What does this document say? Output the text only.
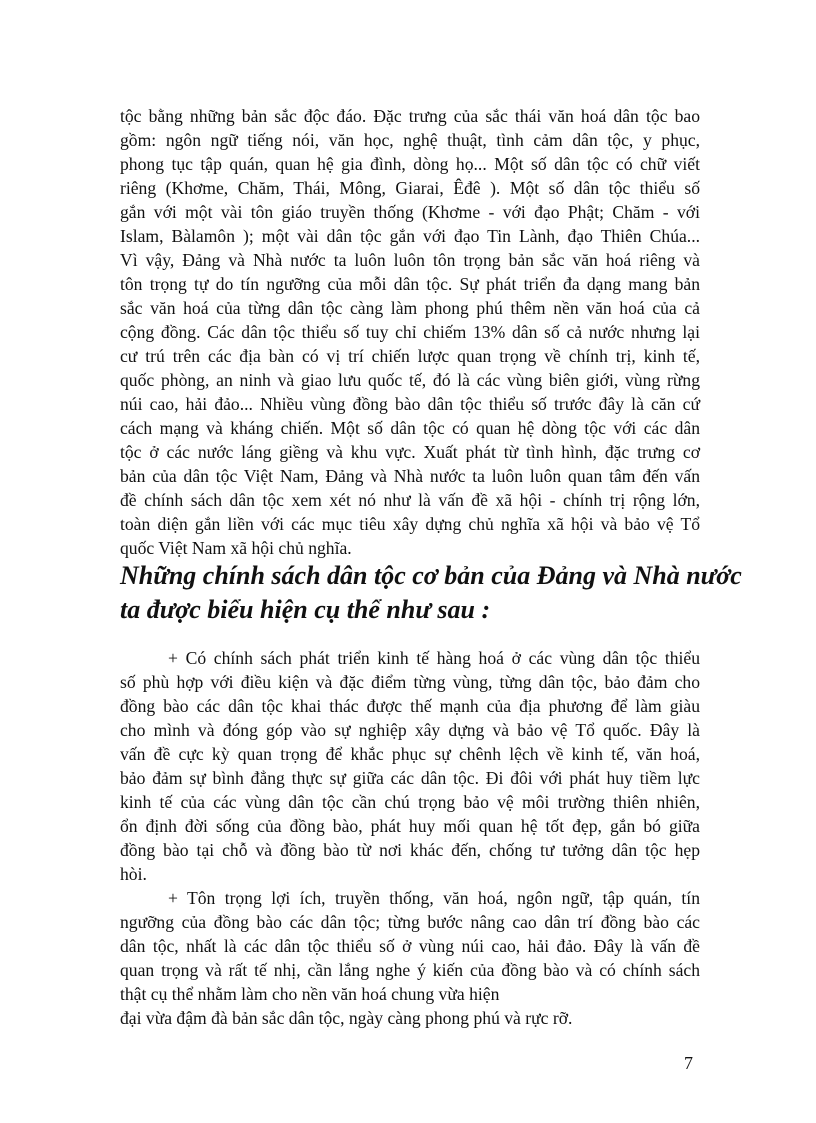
tộc bằng những bản sắc độc đáo. Đặc trưng của sắc thái văn hoá dân tộc bao
gồm: ngôn ngữ tiếng nói, văn học, nghệ thuật, tình cảm dân tộc, y phục,
phong tục tập quán, quan hệ gia đình, dòng họ... Một số dân tộc có chữ viết
riêng (Khơme, Chăm, Thái, Mông, Giarai, Êđê ). Một số dân tộc thiểu số
gắn với một vài tôn giáo truyền thống (Khơme - với đạo Phật; Chăm - với
Islam, Bàlamôn ); một vài dân tộc gắn với đạo Tin Lành, đạo Thiên Chúa...
Vì vậy, Đảng và Nhà nước ta luôn luôn tôn trọng bản sắc văn hoá riêng và
tôn trọng tự do tín ngưỡng của mỗi dân tộc. Sự phát triển đa dạng mang bản
sắc văn hoá của từng dân tộc càng làm phong phú thêm nền văn hoá của cả
cộng đồng. Các dân tộc thiểu số tuy chỉ chiếm 13% dân số cả nước nhưng lại
cư trú trên các địa bàn có vị trí chiến lược quan trọng về chính trị, kinh tế,
quốc phòng, an ninh và giao lưu quốc tế, đó là các vùng biên giới, vùng rừng
núi cao, hải đảo... Nhiều vùng đồng bào dân tộc thiểu số trước đây là căn cứ
cách mạng và kháng chiến. Một số dân tộc có quan hệ dòng tộc với các dân
tộc ở các nước láng giềng và khu vực. Xuất phát từ tình hình, đặc trưng cơ
bản của dân tộc Việt Nam, Đảng và Nhà nước ta luôn luôn quan tâm đến vấn
đề chính sách dân tộc xem xét nó như là vấn đề xã hội - chính trị rộng lớn,
toàn diện gắn liền với các mục tiêu xây dựng chủ nghĩa xã hội và bảo vệ Tổ
quốc Việt Nam xã hội chủ nghĩa.
Những chính sách dân tộc cơ bản của Đảng và Nhà nước
ta được biểu hiện cụ thể như sau :
+ Có chính sách phát triển kinh tế hàng hoá ở các vùng dân tộc thiểu
số phù hợp với điều kiện và đặc điểm từng vùng, từng dân tộc, bảo đảm cho
đồng bào các dân tộc khai thác được thế mạnh của địa phương để làm giàu
cho mình và đóng góp vào sự nghiệp xây dựng và bảo vệ Tổ quốc. Đây là
vấn đề cực kỳ quan trọng để khắc phục sự chênh lệch về kinh tế, văn hoá,
bảo đảm sự bình đẳng thực sự giữa các dân tộc. Đi đôi với phát huy tiềm lực
kinh tế của các vùng dân tộc cần chú trọng bảo vệ môi trường thiên nhiên,
ổn định đời sống của đồng bào, phát huy mối quan hệ tốt đẹp, gắn bó giữa
đồng bào tại chỗ và đồng bào từ nơi khác đến, chống tư tưởng dân tộc hẹp
hòi.
+ Tôn trọng lợi ích, truyền thống, văn hoá, ngôn ngữ, tập quán, tín
ngưỡng của đồng bào các dân tộc; từng bước nâng cao dân trí đồng bào các
dân tộc, nhất là các dân tộc thiểu số ở vùng núi cao, hải đảo. Đây là vấn đề
quan trọng và rất tế nhị, cần lắng nghe ý kiến của đồng bào và có chính sách
thật cụ thể nhằm làm cho nền văn hoá chung vừa hiện
đại vừa đậm đà bản sắc dân tộc, ngày càng phong phú và rực rỡ.
7
